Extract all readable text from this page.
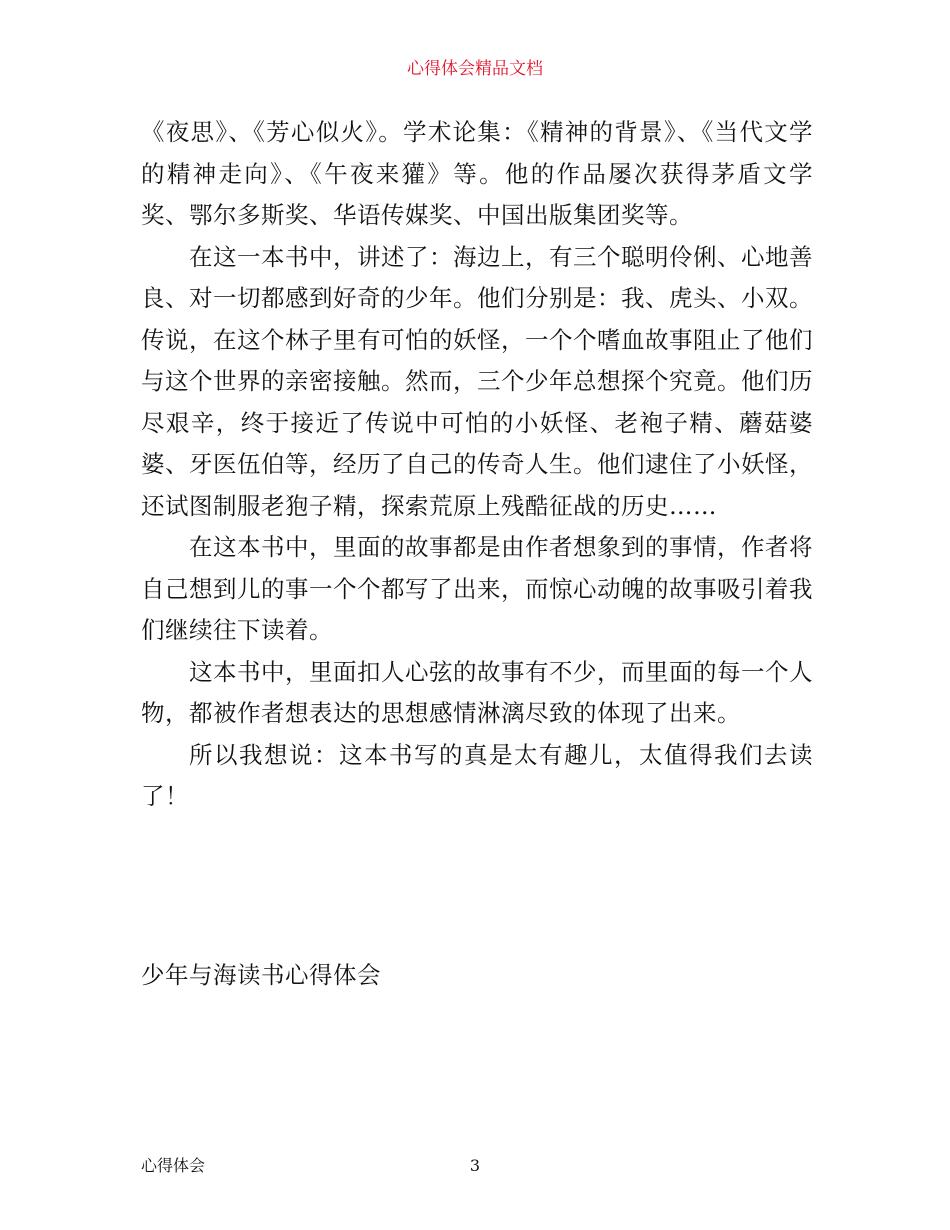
心得体会精品文档

《夜思》、《芳心似火》。学术论集：《精神的背景》、《当代文学的精神走向》、《午夜来獾》等。他的作品屡次获得茅盾文学奖、鄂尔多斯奖、华语传媒奖、中国出版集团奖等。

在这一本书中，讲述了：海边上，有三个聪明伶俐、心地善良、对一切都感到好奇的少年。他们分别是：我、虎头、小双。传说，在这个林子里有可怕的妖怪，一个个嗜血故事阻止了他们与这个世界的亲密接触。然而，三个少年总想探个究竟。他们历尽艰辛，终于接近了传说中可怕的小妖怪、老袍子精、蘑菇婆婆、牙医伍伯等，经历了自己的传奇人生。他们逮住了小妖怪，还试图制服老狍子精，探索荒原上残酷征战的历史……

在这本书中，里面的故事都是由作者想象到的事情，作者将自己想到儿的事一个个都写了出来，而惊心动魄的故事吸引着我们继续往下读着。

这本书中，里面扣人心弦的故事有不少，而里面的每一个人物，都被作者想表达的思想感情淋漓尽致的体现了出来。

所以我想说：这本书写的真是太有趣儿，太值得我们去读了！

少年与海读书心得体会
心得体会	3
